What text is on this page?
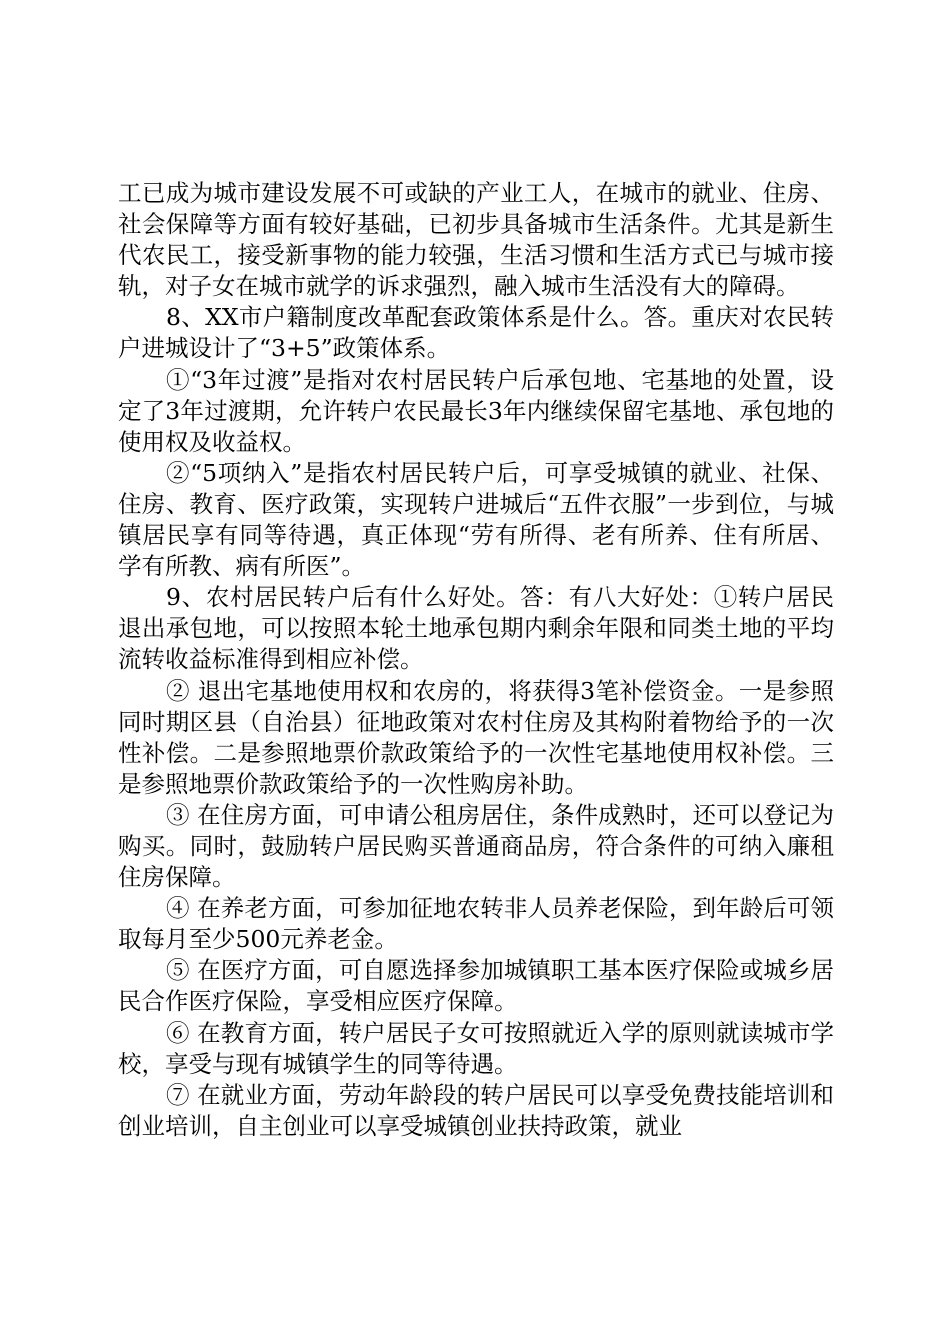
工已成为城市建设发展不可或缺的产业工人，在城市的就业、住房、社会保障等方面有较好基础，已初步具备城市生活条件。尤其是新生代农民工，接受新事物的能力较强，生活习惯和生活方式已与城市接轨，对子女在城市就学的诉求强烈，融入城市生活没有大的障碍。

8、XX市户籍制度改革配套政策体系是什么。答。重庆对农民转户进城设计了“3+5”政策体系。

①“3年过渡”是指对农村居民转户后承包地、宅基地的处置，设定了3年过渡期，允许转户农民最长3年内继续保留宅基地、承包地的使用权及收益权。

②“5项纳入”是指农村居民转户后，可享受城镇的就业、社保、住房、教育、医疗政策，实现转户进城后“五件衣服”一步到位，与城镇居民享有同等待遇，真正体现“劳有所得、老有所养、住有所居、学有所教、病有所医”。

9、农村居民转户后有什么好处。答：有八大好处：①转户居民退出承包地，可以按照本轮土地承包期内剩余年限和同类土地的平均流转收益标准得到相应补偿。

② 退出宅基地使用权和农房的，将获得3笔补偿资金。一是参照同时期区县（自治县）征地政策对农村住房及其构附着物给予的一次性补偿。二是参照地票价款政策给予的一次性宅基地使用权补偿。三是参照地票价款政策给予的一次性购房补助。

③ 在住房方面，可申请公租房居住，条件成熟时，还可以登记为购买。同时，鼓励转户居民购买普通商品房，符合条件的可纳入廉租住房保障。

④ 在养老方面，可参加征地农转非人员养老保险，到年龄后可领取每月至少500元养老金。

⑤ 在医疗方面，可自愿选择参加城镇职工基本医疗保险或城乡居民合作医疗保险，享受相应医疗保障。

⑥ 在教育方面，转户居民子女可按照就近入学的原则就读城市学校，享受与现有城镇学生的同等待遇。

⑦ 在就业方面，劳动年龄段的转户居民可以享受免费技能培训和创业培训，自主创业可以享受城镇创业扶持政策，就业
